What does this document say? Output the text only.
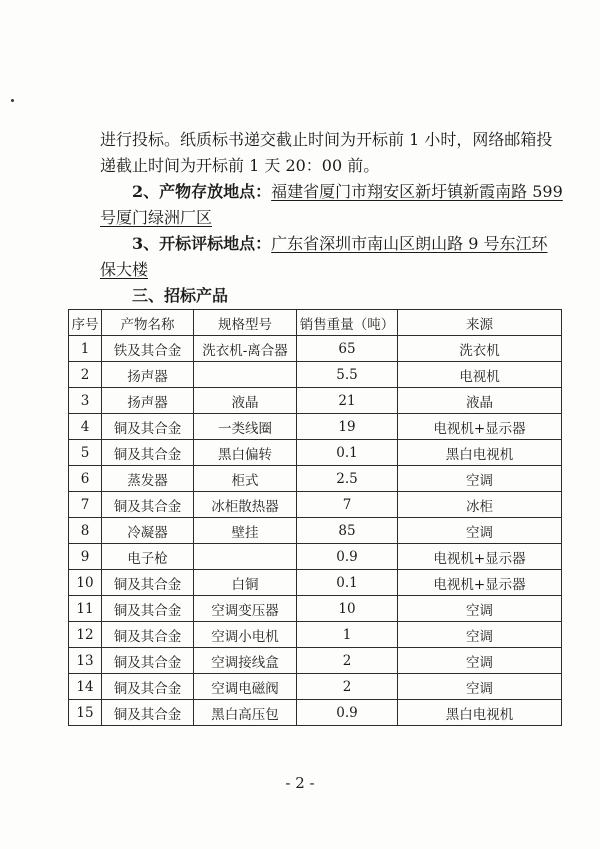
进行投标。纸质标书递交截止时间为开标前 1 小时，网络邮箱投
递截止时间为开标前 1 天 20：00 前。
2、产物存放地点：福建省厦门市翔安区新圩镇新霞南路 599
号厦门绿洲厂区
3、开标评标地点：广东省深圳市南山区朗山路 9 号东江环
保大楼
三、招标产品
序号	产物名称	规格型号	销售重量（吨）	来源
1	铁及其合金	洗衣机-离合器	65	洗衣机
2	扬声器		5.5	电视机
3	扬声器	液晶	21	液晶
4	铜及其合金	一类线圈	19	电视机+显示器
5	铜及其合金	黑白偏转	0.1	黑白电视机
6	蒸发器	柜式	2.5	空调
7	铜及其合金	冰柜散热器	7	冰柜
8	冷凝器	壁挂	85	空调
9	电子枪		0.9	电视机+显示器
10	铜及其合金	白铜	0.1	电视机+显示器
11	铜及其合金	空调变压器	10	空调
12	铜及其合金	空调小电机	1	空调
13	铜及其合金	空调接线盒	2	空调
14	铜及其合金	空调电磁阀	2	空调
15	铜及其合金	黑白高压包	0.9	黑白电视机
- 2 -
